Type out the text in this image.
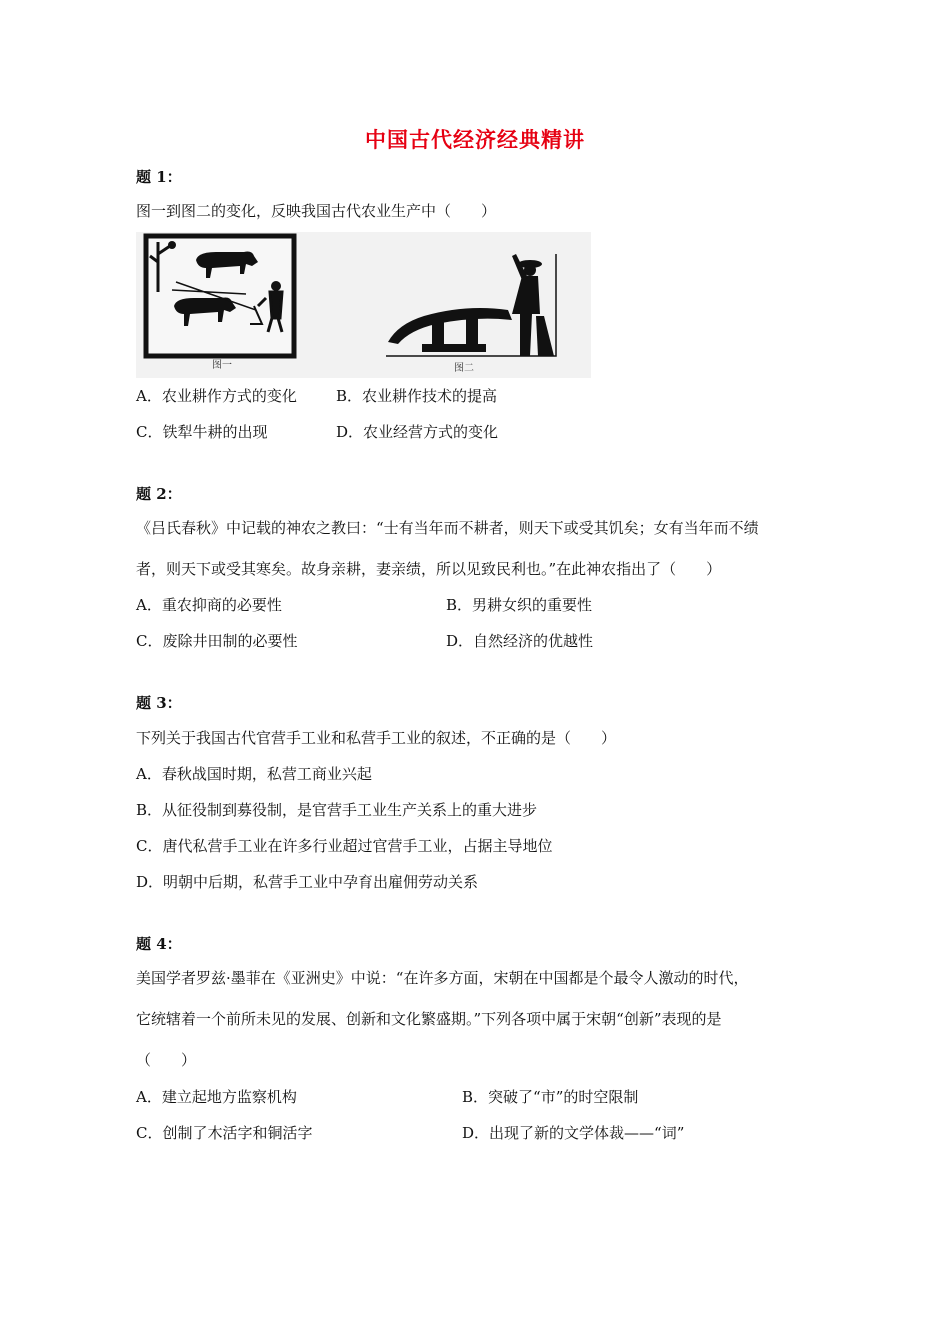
中国古代经济经典精讲
题 1：
图一到图二的变化，反映我国古代农业生产中（　　）
图一	图二
A．农业耕作方式的变化	B．农业耕作技术的提高
C．铁犁牛耕的出现	D．农业经营方式的变化
题 2：
《吕氏春秋》中记载的神农之教曰：“士有当年而不耕者，则天下或受其饥矣；女有当年而不绩
者，则天下或受其寒矣。故身亲耕，妻亲绩，所以见致民利也。”在此神农指出了（　　）
A．重农抑商的必要性	B．男耕女织的重要性
C．废除井田制的必要性	D．自然经济的优越性
题 3：
下列关于我国古代官营手工业和私营手工业的叙述，不正确的是（　　）
A．春秋战国时期，私营工商业兴起
B．从征役制到募役制，是官营手工业生产关系上的重大进步
C．唐代私营手工业在许多行业超过官营手工业，占据主导地位
D．明朝中后期，私营手工业中孕育出雇佣劳动关系
题 4：
美国学者罗兹·墨菲在《亚洲史》中说：“在许多方面，宋朝在中国都是个最令人激动的时代，
它统辖着一个前所未见的发展、创新和文化繁盛期。”下列各项中属于宋朝“创新”表现的是
（　　）
A．建立起地方监察机构	B．突破了“市”的时空限制
C．创制了木活字和铜活字	D．出现了新的文学体裁——“词”
